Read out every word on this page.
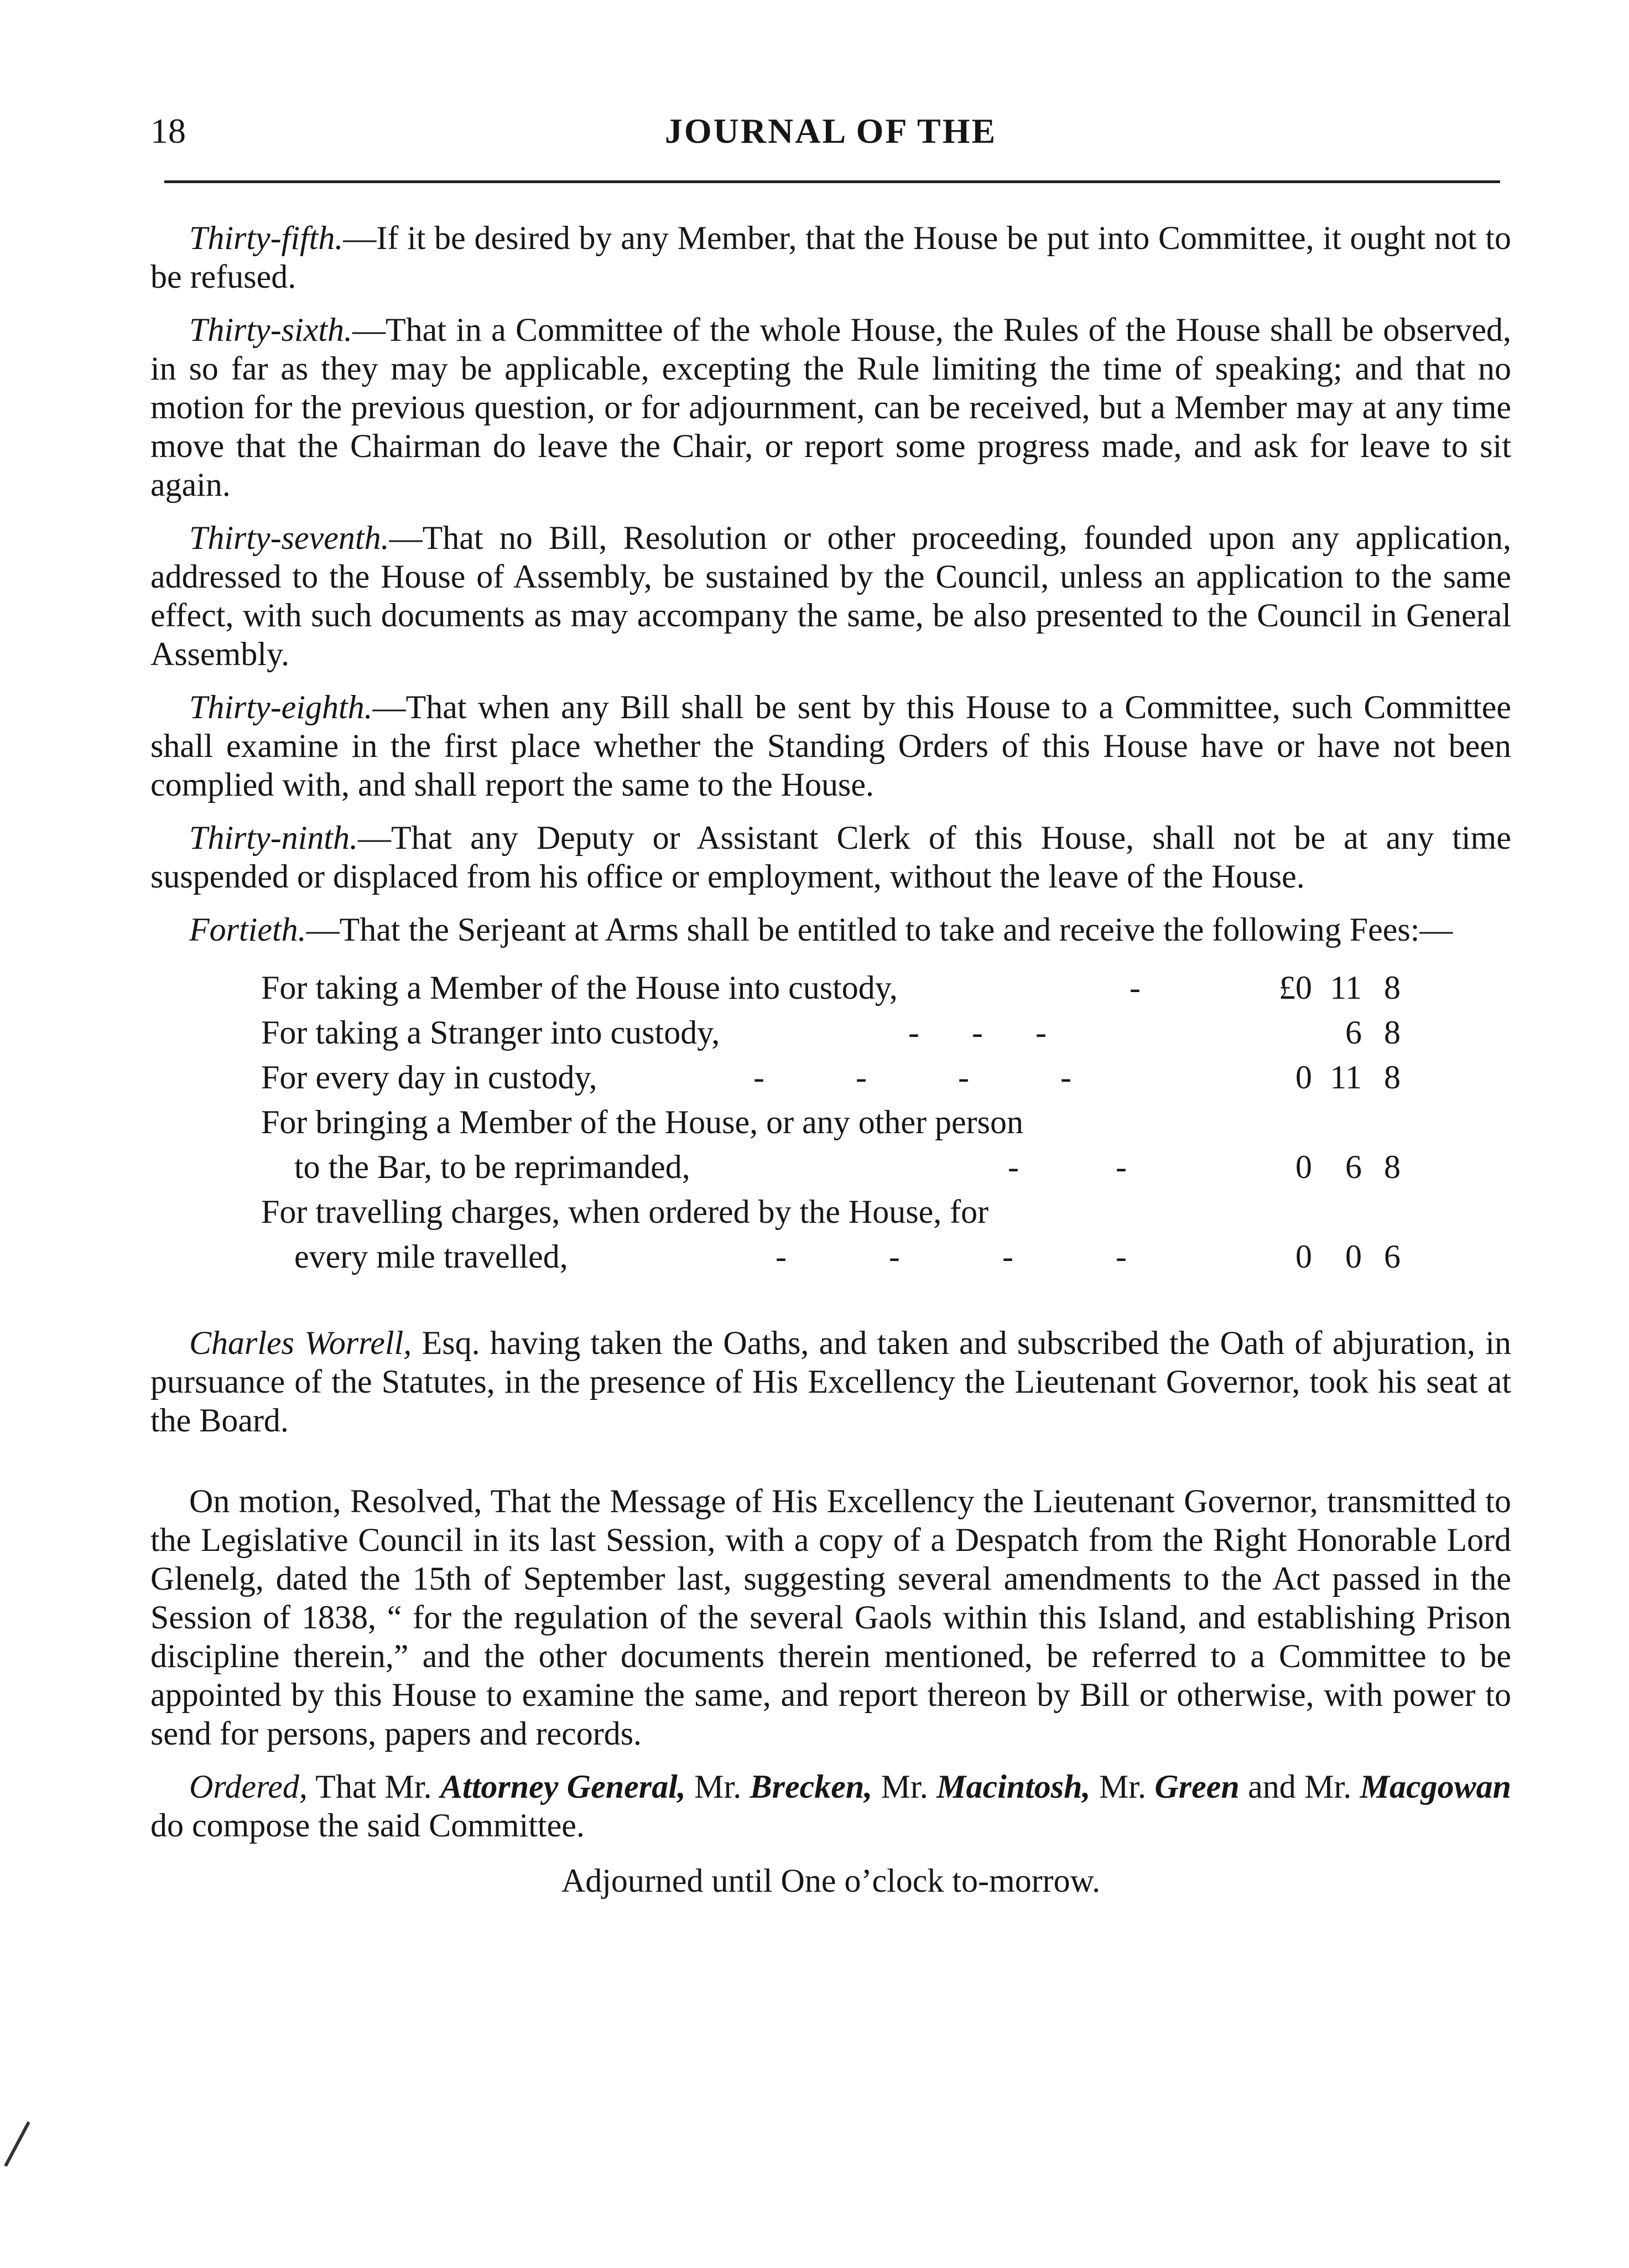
18	JOURNAL OF THE

Thirty-fifth.—If it be desired by any Member, that the House be put into Committee, it ought not to be refused.

Thirty-sixth.—That in a Committee of the whole House, the Rules of the House shall be observed, in so far as they may be applicable, excepting the Rule limiting the time of speaking; and that no motion for the previous question, or for adjournment, can be received, but a Member may at any time move that the Chairman do leave the Chair, or report some progress made, and ask for leave to sit again.

Thirty-seventh.—That no Bill, Resolution or other proceeding, founded upon any application, addressed to the House of Assembly, be sustained by the Council, unless an application to the same effect, with such documents as may accompany the same, be also presented to the Council in General Assembly.

Thirty-eighth.—That when any Bill shall be sent by this House to a Committee, such Committee shall examine in the first place whether the Standing Orders of this House have or have not been complied with, and shall report the same to the House.

Thirty-ninth.—That any Deputy or Assistant Clerk of this House, shall not be at any time suspended or displaced from his office or employment, without the leave of the House.

Fortieth.—That the Serjeant at Arms shall be entitled to take and receive the following Fees:—

For taking a Member of the House into custody,	-	£0 11 8
For taking a Stranger into custody,	- - -	6 8
For every day in custody,	- - - -	0 11 8
For bringing a Member of the House, or any other person
to the Bar, to be reprimanded,	- -	0	6 8
For travelling charges, when ordered by the House, for
every mile travelled,	- - - -	0	0 6

Charles Worrell, Esq. having taken the Oaths, and taken and subscribed the Oath of abjuration, in pursuance of the Statutes, in the presence of His Excellency the Lieutenant Governor, took his seat at the Board.

On motion, Resolved, That the Message of His Excellency the Lieutenant Governor, transmitted to the Legislative Council in its last Session, with a copy of a Despatch from the Right Honorable Lord Glenelg, dated the 15th of September last, suggesting several amendments to the Act passed in the Session of 1838, “ for the regulation of the several Gaols within this Island, and establishing Prison discipline therein,” and the other documents therein mentioned, be referred to a Committee to be appointed by this House to examine the same, and report thereon by Bill or otherwise, with power to send for persons, papers and records.

Ordered, That Mr. Attorney General, Mr. Brecken, Mr. Macintosh, Mr. Green and Mr. Macgowan do compose the said Committee.

Adjourned until One o’clock to-morrow.
